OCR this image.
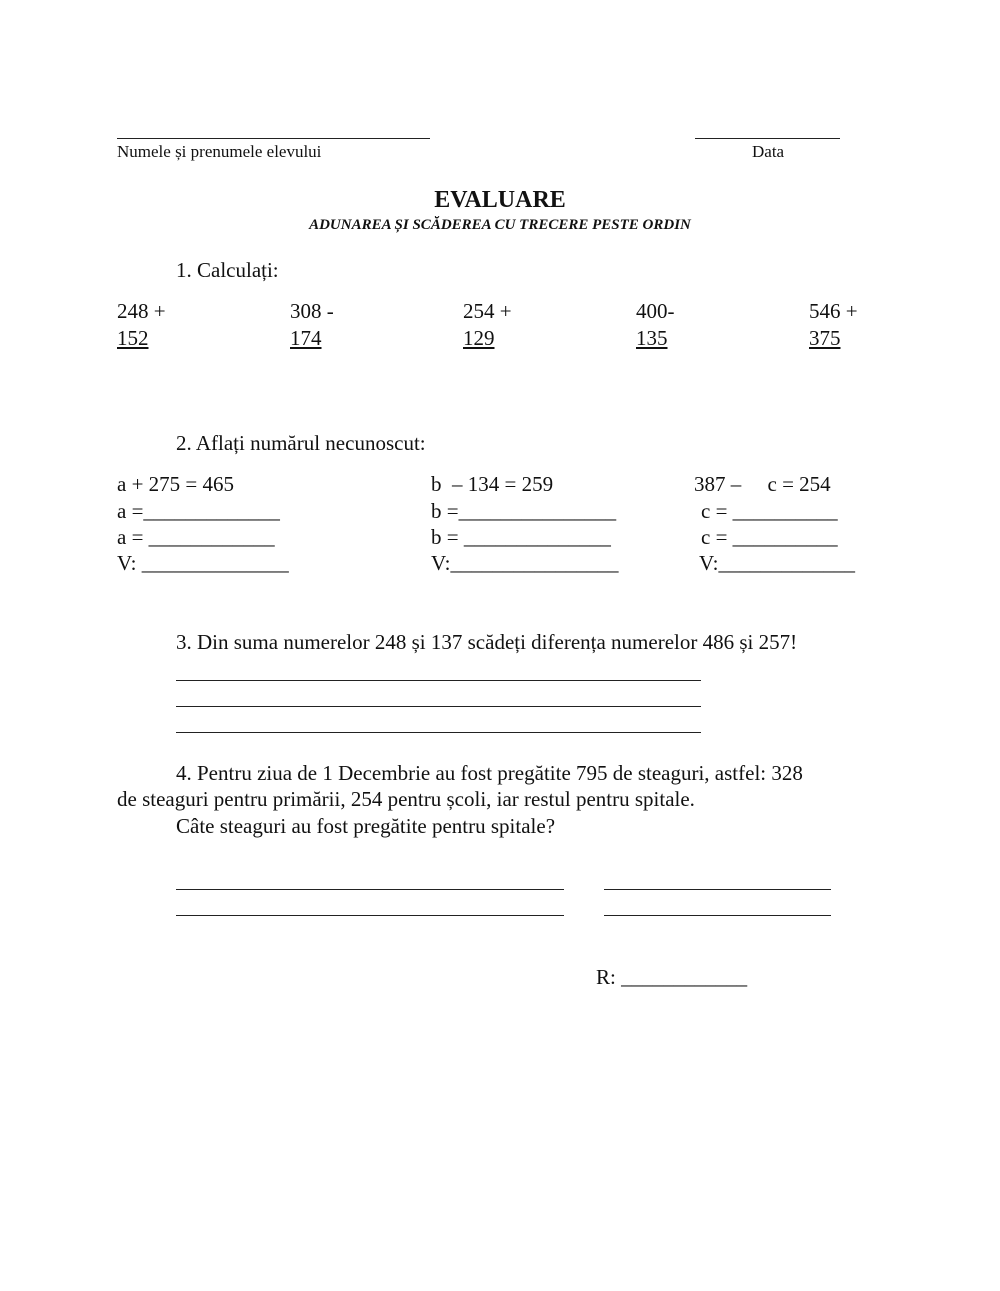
Numele și prenumele elevului	Data
EVALUARE
ADUNAREA ȘI SCĂDEREA CU TRECERE PESTE ORDIN
1. Calculați:
248 +
152
308 -
174
254 +
129
400-
135
546 +
375
2. Aflați numărul necunoscut:
a + 275 = 465
a =_____________
a = ____________
V: ______________
b  – 134 = 259
b =_______________
b = ______________
V:________________
387 –     c = 254
c = __________
c = __________
V:_____________
3. Din suma numerelor 248 și 137 scădeți diferența numerelor 486 și 257!
4. Pentru ziua de 1 Decembrie au fost pregătite 795 de steaguri, astfel: 328
de steaguri pentru primării, 254 pentru școli, iar restul pentru spitale.
Câte steaguri au fost pregătite pentru spitale?
R: ____________
